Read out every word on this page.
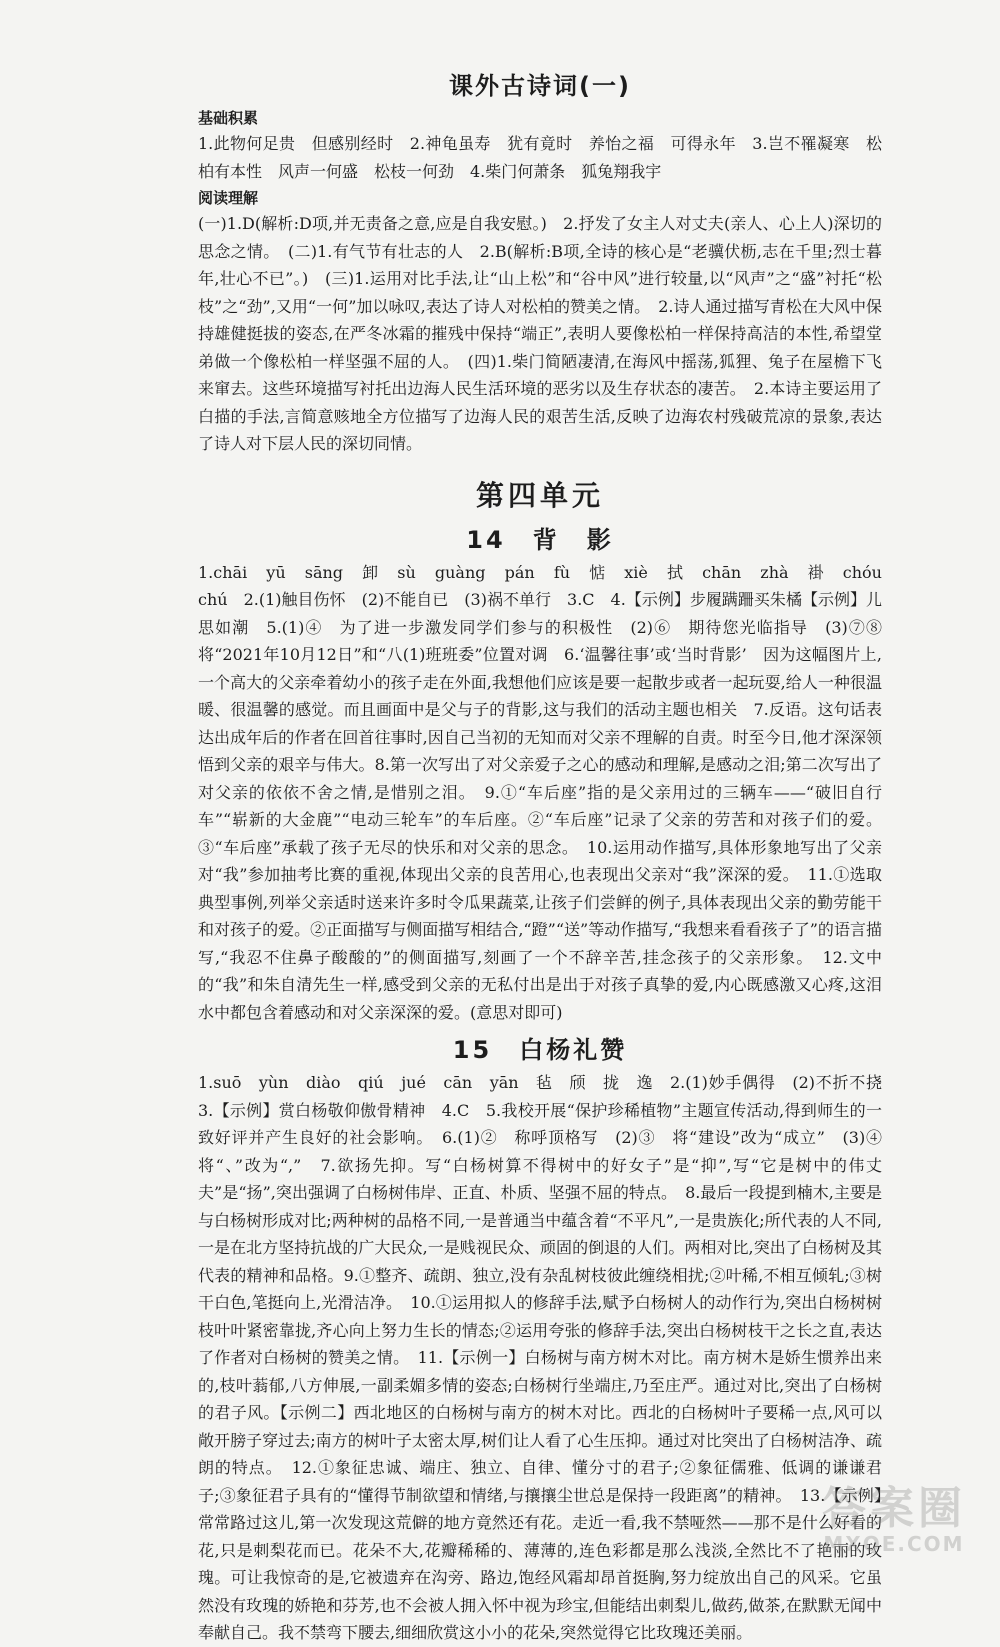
课外古诗词(一)
基础积累

1.此物何足贵　但感别经时　2.神龟虽寿　犹有竟时　养怡之福　可得永年　3.岂不罹凝寒　松柏有本性　风声一何盛　松枝一何劲　4.柴门何萧条　狐兔翔我宇

阅读理解

(一)1.D(解析:D项,并无责备之意,应是自我安慰。)　2.抒发了女主人对丈夫(亲人、心上人)深切的思念之情。　(二)1.有气节有壮志的人　2.B(解析:B项,全诗的核心是“老骥伏枥,志在千里;烈士暮年,壮心不已”。)　(三)1.运用对比手法,让“山上松”和“谷中风”进行较量,以“风声”之“盛”衬托“松枝”之“劲”,又用“一何”加以咏叹,表达了诗人对松柏的赞美之情。　2.诗人通过描写青松在大风中保持雄健挺拔的姿态,在严冬冰霜的摧残中保持“端正”,表明人要像松柏一样保持高洁的本性,希望堂弟做一个像松柏一样坚强不屈的人。　(四)1.柴门简陋凄清,在海风中摇荡,狐狸、兔子在屋檐下飞来窜去。这些环境描写衬托出边海人民生活环境的恶劣以及生存状态的凄苦。　2.本诗主要运用了白描的手法,言简意赅地全方位描写了边海人民的艰苦生活,反映了边海农村残破荒凉的景象,表达了诗人对下层人民的深切同情。

第四单元
14　背　影

1.chāi　yū　sāng　卸　sù　guàng　pán　fù　惦　xiè　拭　chān　zhà　褂　chóu　chú　2.(1)触目伤怀　(2)不能自已　(3)祸不单行　3.C　4.【示例】步履蹒跚买朱橘【示例】儿思如潮　5.(1)④　为了进一步激发同学们参与的积极性　(2)⑥　期待您光临指导　(3)⑦⑧　将“2021年10月12日”和“八(1)班班委”位置对调　6.‘温馨往事’或‘当时背影’　因为这幅图片上,一个高大的父亲牵着幼小的孩子走在外面,我想他们应该是要一起散步或者一起玩耍,给人一种很温暖、很温馨的感觉。而且画面中是父与子的背影,这与我们的活动主题也相关　7.反语。这句话表达出成年后的作者在回首往事时,因自己当初的无知而对父亲不理解的自责。时至今日,他才深深领悟到父亲的艰辛与伟大。8.第一次写出了对父亲爱子之心的感动和理解,是感动之泪;第二次写出了对父亲的依依不舍之情,是惜别之泪。　9.①“车后座”指的是父亲用过的三辆车——“破旧自行车”“崭新的大金鹿”“电动三轮车”的车后座。②“车后座”记录了父亲的劳苦和对孩子们的爱。③“车后座”承载了孩子无尽的快乐和对父亲的思念。　10.运用动作描写,具体形象地写出了父亲对“我”参加抽考比赛的重视,体现出父亲的良苦用心,也表现出父亲对“我”深深的爱。　11.①选取典型事例,列举父亲适时送来许多时令瓜果蔬菜,让孩子们尝鲜的例子,具体表现出父亲的勤劳能干和对孩子的爱。②正面描写与侧面描写相结合,“蹬”“送”等动作描写,“我想来看看孩子了”的语言描写,“我忍不住鼻子酸酸的”的侧面描写,刻画了一个不辞辛苦,挂念孩子的父亲形象。　12.文中的“我”和朱自清先生一样,感受到父亲的无私付出是出于对孩子真挚的爱,内心既感激又心疼,这泪水中都包含着感动和对父亲深深的爱。(意思对即可)

15　白杨礼赞

1.suō　yùn　diào　qiú　jué　cān　yān　毡　颀　拢　逸　2.(1)妙手偶得　(2)不折不挠　3.【示例】赏白杨敬仰傲骨精神　4.C　5.我校开展“保护珍稀植物”主题宣传活动,得到师生的一致好评并产生良好的社会影响。　6.(1)②　称呼顶格写　(2)③　将“建设”改为“成立”　(3)④　将“、”改为“,”　7.欲扬先抑。写“白杨树算不得树中的好女子”是“抑”,写“它是树中的伟丈夫”是“扬”,突出强调了白杨树伟岸、正直、朴质、坚强不屈的特点。　8.最后一段提到楠木,主要是与白杨树形成对比;两种树的品格不同,一是普通当中蕴含着“不平凡”,一是贵族化;所代表的人不同,一是在北方坚持抗战的广大民众,一是贱视民众、顽固的倒退的人们。两相对比,突出了白杨树及其代表的精神和品格。9.①整齐、疏朗、独立,没有杂乱树枝彼此缠绕相扰;②叶稀,不相互倾轧;③树干白色,笔挺向上,光滑洁净。　10.①运用拟人的修辞手法,赋予白杨树人的动作行为,突出白杨树树枝叶叶紧密靠拢,齐心向上努力生长的情态;②运用夸张的修辞手法,突出白杨树枝干之长之直,表达了作者对白杨树的赞美之情。　11.【示例一】白杨树与南方树木对比。南方树木是娇生惯养出来的,枝叶蓊郁,八方伸展,一副柔媚多情的姿态;白杨树行坐端庄,乃至庄严。通过对比,突出了白杨树的君子风。【示例二】西北地区的白杨树与南方的树木对比。西北的白杨树叶子要稀一点,风可以敞开膀子穿过去;南方的树叶子太密太厚,树们让人看了心生压抑。通过对比突出了白杨树洁净、疏朗的特点。　12.①象征忠诚、端庄、独立、自律、懂分寸的君子;②象征儒雅、低调的谦谦君子;③象征君子具有的“懂得节制欲望和情绪,与攘攘尘世总是保持一段距离”的精神。　13.【示例】常常路过这儿,第一次发现这荒僻的地方竟然还有花。走近一看,我不禁哑然——那不是什么好看的花,只是刺梨花而已。花朵不大,花瓣稀稀的、薄薄的,连色彩都是那么浅淡,全然比不了艳丽的玫瑰。可让我惊奇的是,它被遗弃在沟旁、路边,饱经风霜却昂首挺胸,努力绽放出自己的风采。它虽然没有玫瑰的娇艳和芬芳,也不会被人拥入怀中视为珍宝,但能结出刺梨儿,做药,做茶,在默默无闻中奉献自己。我不禁弯下腰去,细细欣赏这小小的花朵,突然觉得它比玫瑰还美丽。

答案圈
MXQE.COM
